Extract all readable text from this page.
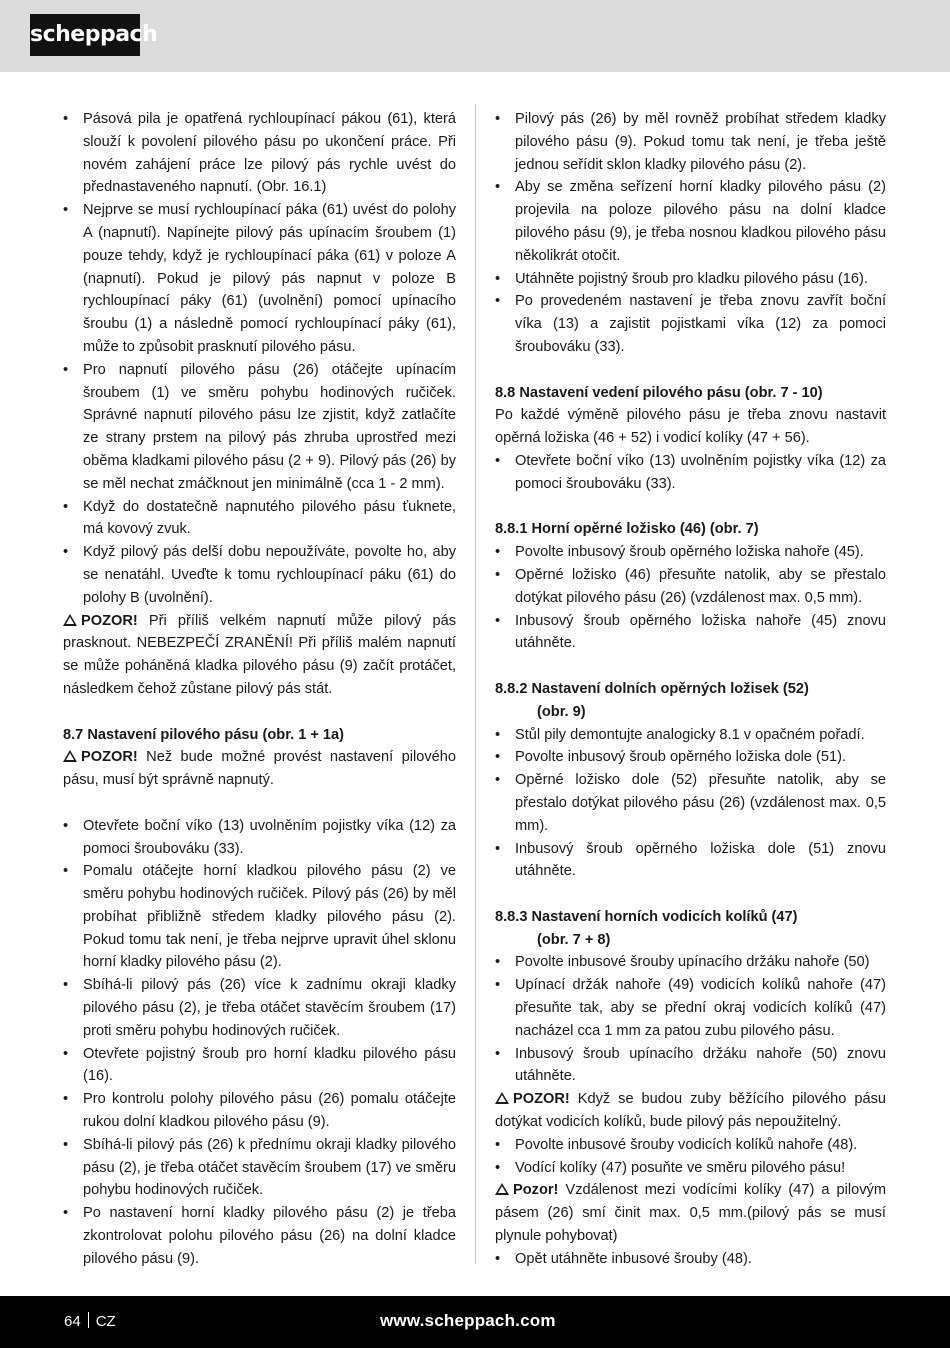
scheppach
• Pásová pila je opatřená rychloupínací pákou (61), která slouží k povolení pilového pásu po ukončení práce. Při novém zahájení práce lze pilový pás rychle uvést do přednastaveného napnutí. (Obr. 16.1)
• Nejprve se musí rychloupínací páka (61) uvést do polohy A (napnutí). Napínejte pilový pás upínacím šroubem (1) pouze tehdy, když je rychloupínací páka (61) v poloze A (napnutí). Pokud je pilový pás napnut v poloze B rychloupínací páky (61) (uvolnění) pomocí upínacího šroubu (1) a následně pomocí rychloupínací páky (61), může to způsobit prasknutí pilového pásu.
• Pro napnutí pilového pásu (26) otáčejte upínacím šroubem (1) ve směru pohybu hodinových ručiček. Správné napnutí pilového pásu lze zjistit, když zatlačíte ze strany prstem na pilový pás zhruba uprostřed mezi oběma kladkami pilového pásu (2 + 9). Pilový pás (26) by se měl nechat zmáčknout jen minimálně (cca 1 - 2 mm).
• Když do dostatečně napnutého pilového pásu ťuknete, má kovový zvuk.
• Když pilový pás delší dobu nepoužíváte, povolte ho, aby se nenatáhl. Uveďte k tomu rychloupínací páku (61) do polohy B (uvolnění).

POZOR! Při příliš velkém napnutí může pilový pás prasknout. NEBEZPEČÍ ZRANĚNÍ! Při příliš malém napnutí se může poháněná kladka pilového pásu (9) začít protáčet, následkem čehož zůstane pilový pás stát.

8.7 Nastavení pilového pásu (obr. 1 + 1a)

POZOR! Než bude možné provést nastavení pilového pásu, musí být správně napnutý.

• Otevřete boční víko (13) uvolněním pojistky víka (12) za pomoci šroubováku (33).
• Pomalu otáčejte horní kladkou pilového pásu (2) ve směru pohybu hodinových ručiček. Pilový pás (26) by měl probíhat přibližně středem kladky pilového pásu (2). Pokud tomu tak není, je třeba nejprve upravit úhel sklonu horní kladky pilového pásu (2).
• Sbíhá-li pilový pás (26) více k zadnímu okraji kladky pilového pásu (2), je třeba otáčet stavěcím šroubem (17) proti směru pohybu hodinových ručiček.
• Otevřete pojistný šroub pro horní kladku pilového pásu (16).
• Pro kontrolu polohy pilového pásu (26) pomalu otáčejte rukou dolní kladkou pilového pásu (9).
• Sbíhá-li pilový pás (26) k přednímu okraji kladky pilového pásu (2), je třeba otáčet stavěcím šroubem (17) ve směru pohybu hodinových ručiček.
• Po nastavení horní kladky pilového pásu (2) je třeba zkontrolovat polohu pilového pásu (26) na dolní kladce pilového pásu (9).
• Pilový pás (26) by měl rovněž probíhat středem kladky pilového pásu (9). Pokud tomu tak není, je třeba ještě jednou seřídit sklon kladky pilového pásu (2).
• Aby se změna seřízení horní kladky pilového pásu (2) projevila na poloze pilového pásu na dolní kladce pilového pásu (9), je třeba nosnou kladkou pilového pásu několikrát otočit.
• Utáhněte pojistný šroub pro kladku pilového pásu (16).
• Po provedeném nastavení je třeba znovu zavřít boční víka (13) a zajistit pojistkami víka (12) za pomoci šroubováku (33).
8.8 Nastavení vedení pilového pásu (obr. 7 - 10)

Po každé výměně pilového pásu je třeba znovu nastavit opěrná ložiska (46 + 52) i vodicí kolíky (47 + 56).

• Otevřete boční víko (13) uvolněním pojistky víka (12) za pomoci šroubováku (33).
8.8.1 Horní opěrné ložisko (46) (obr. 7)
• Povolte inbusový šroub opěrného ložiska nahoře (45).
• Opěrné ložisko (46) přesuňte natolik, aby se přestalo dotýkat pilového pásu (26) (vzdálenost max. 0,5 mm).
• Inbusový šroub opěrného ložiska nahoře (45) znovu utáhněte.
8.8.2 Nastavení dolních opěrných ložisek (52)
(obr. 9)
• Stůl pily demontujte analogicky 8.1 v opačném pořadí.
• Povolte inbusový šroub opěrného ložiska dole (51).
• Opěrné ložisko dole (52) přesuňte natolik, aby se přestalo dotýkat pilového pásu (26) (vzdálenost max. 0,5 mm).
• Inbusový šroub opěrného ložiska dole (51) znovu utáhněte.
8.8.3 Nastavení horních vodicích kolíků (47)
(obr. 7 + 8)
• Povolte inbusové šrouby upínacího držáku nahoře (50)
• Upínací držák nahoře (49) vodicích kolíků nahoře (47) přesuňte tak, aby se přední okraj vodicích kolíků (47) nacházel cca 1 mm za patou zubu pilového pásu.
• Inbusový šroub upínacího držáku nahoře (50) znovu utáhněte.

POZOR! Když se budou zuby běžícího pilového pásu dotýkat vodicích kolíků, bude pilový pás nepoužitelný.

• Povolte inbusové šrouby vodicích kolíků nahoře (48).
• Vodící kolíky (47) posuňte ve směru pilového pásu!

Pozor! Vzdálenost mezi vodícími kolíky (47) a pilovým pásem (26) smí činit max. 0,5 mm.(pilový pás se musí plynule pohybovat)

• Opět utáhněte inbusové šrouby (48).
64 CZ	www.scheppach.com
